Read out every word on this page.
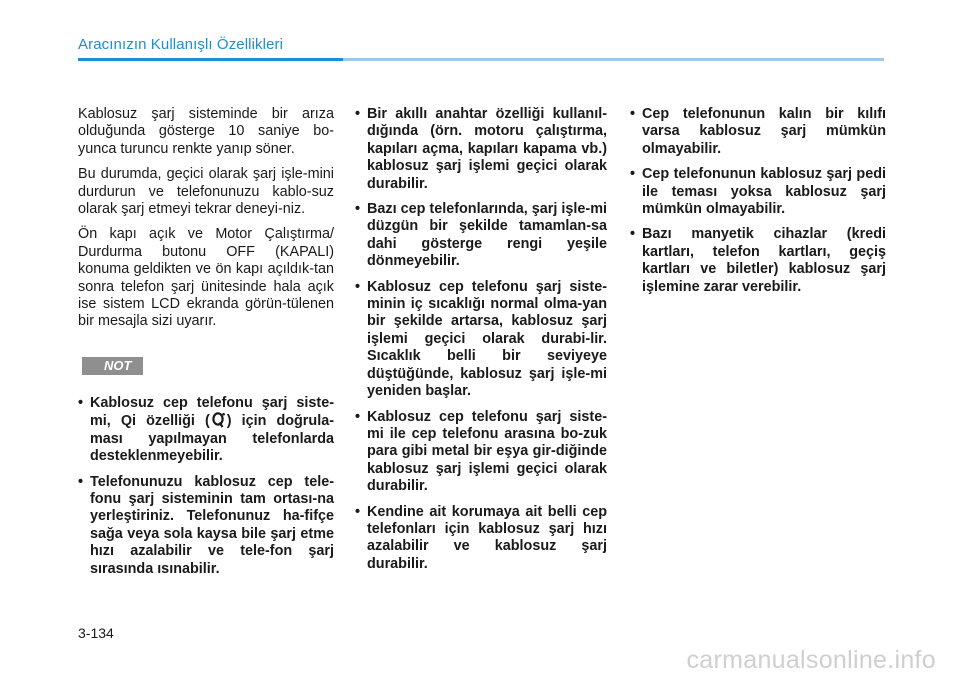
Aracınızın Kullanışlı Özellikleri

Kablosuz şarj sisteminde bir arıza olduğunda gösterge 10 saniye bo-yunca turuncu renkte yanıp söner.

Bu durumda, geçici olarak şarj işle-mini durdurun ve telefonunuzu kablo-suz olarak şarj etmeyi tekrar deneyi-niz.

Ön kapı açık ve Motor Çalıştırma/ Durdurma butonu OFF (KAPALI) konuma geldikten ve ön kapı açıldık-tan sonra telefon şarj ünitesinde hala açık ise sistem LCD ekranda görün-tülenen bir mesajla sizi uyarır.

NOT
• Kablosuz cep telefonu şarj siste-mi, Qi özelliği ( ) için doğrula-ması yapılmayan telefonlarda desteklenmeyebilir.
• Telefonunuzu kablosuz cep tele-fonu şarj sisteminin tam ortası-na yerleştiriniz. Telefonunuz ha-fifçe sağa veya sola kaysa bile şarj etme hızı azalabilir ve tele-fon şarj sırasında ısınabilir.
• Bir akıllı anahtar özelliği kullanıl-dığında (örn. motoru çalıştırma, kapıları açma, kapıları kapama vb.) kablosuz şarj işlemi geçici olarak durabilir.
• Bazı cep telefonlarında, şarj işle-mi düzgün bir şekilde tamamlan-sa dahi gösterge rengi yeşile dönmeyebilir.
• Kablosuz cep telefonu şarj siste-minin iç sıcaklığı normal olma-yan bir şekilde artarsa, kablosuz şarj işlemi geçici olarak durabi-lir. Sıcaklık belli bir seviyeye düştüğünde, kablosuz şarj işle-mi yeniden başlar.
• Kablosuz cep telefonu şarj siste-mi ile cep telefonu arasına bo-zuk para gibi metal bir eşya gir-diğinde kablosuz şarj işlemi geçici olarak durabilir.
• Kendine ait korumaya ait belli cep telefonları için kablosuz şarj hızı azalabilir ve kablosuz şarj durabilir.
• Cep telefonunun kalın bir kılıfı varsa kablosuz şarj mümkün olmayabilir.
• Cep telefonunun kablosuz şarj pedi ile teması yoksa kablosuz şarj mümkün olmayabilir.
• Bazı manyetik cihazlar (kredi kartları, telefon kartları, geçiş kartları ve biletler) kablosuz şarj işlemine zarar verebilir.
3-134
carmanualsonline.info
